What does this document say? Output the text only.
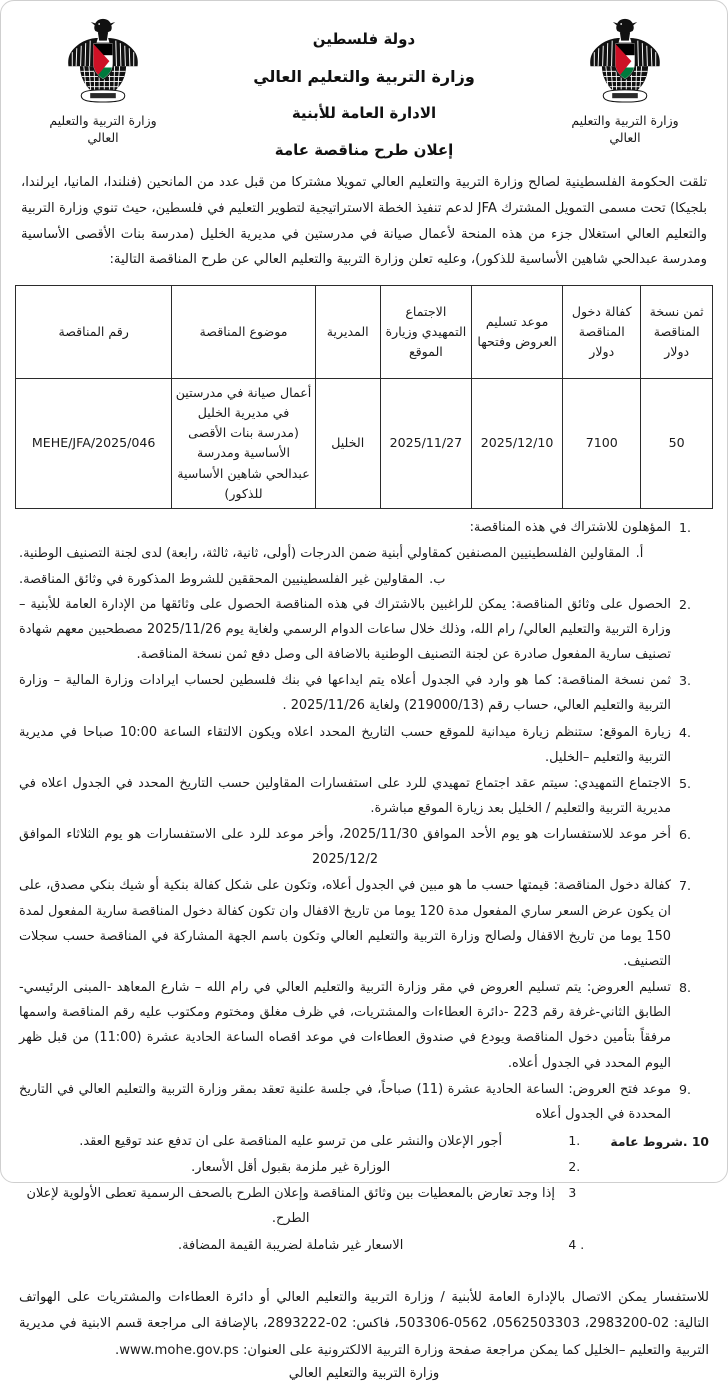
وزارة التربية والتعليم العالي
دولة فلسطين
وزارة التربية والتعليم العالي
الادارة العامة للأبنية
إعلان طرح مناقصة عامة
وزارة التربية والتعليم العالي
تلقت الحكومة الفلسطينية لصالح وزارة التربية والتعليم العالي تمويلا مشتركا من قبل عدد من المانحين (فنلندا، المانيا، ايرلندا، بلجيكا) تحت مسمى التمويل المشترك JFA لدعم تنفيذ الخطة الاستراتيجية لتطوير التعليم في فلسطين، حيث تنوي وزارة التربية والتعليم العالي استغلال جزء من هذه المنحة لأعمال صيانة في مدرستين في مديرية الخليل (مدرسة بنات الأقصى الأساسية ومدرسة عبدالحي شاهين الأساسية للذكور)، وعليه تعلن وزارة التربية والتعليم العالي عن طرح المناقصة التالية:
ثمن نسخة المناقصة دولار	كفالة دخول المناقصة دولار	موعد تسليم العروض وفتحها	الاجتماع التمهيدي وزيارة الموقع	المديرية	موضوع المناقصة	رقم المناقصة
50	7100	2025/12/10	2025/11/27	الخليل	أعمال صيانة في مدرستين في مديرية الخليل (مدرسة بنات الأقصى الأساسية ومدرسة عبدالحي شاهين الأساسية للذكور)	MEHE/JFA/2025/046
1.
المؤهلون للاشتراك في هذه المناقصة:
أ.
المقاولين الفلسطينيين المصنفين كمقاولي أبنية ضمن الدرجات (أولى، ثانية، ثالثة، رابعة) لدى لجنة التصنيف الوطنية.
ب.
المقاولين غير الفلسطينيين المحققين للشروط المذكورة في وثائق المناقصة.
2.
الحصول على وثائق المناقصة: يمكن للراغبين بالاشتراك في هذه المناقصة الحصول على وثائقها من الإدارة العامة للأبنية – وزارة التربية والتعليم العالي/ رام الله، وذلك خلال ساعات الدوام الرسمي ولغاية يوم 2025/11/26 مصطحبين معهم شهادة تصنيف سارية المفعول صادرة عن لجنة التصنيف الوطنية بالاضافة الى وصل دفع ثمن نسخة المناقصة.
3.
ثمن نسخة المناقصة: كما هو وارد في الجدول أعلاه يتم ايداعها في بنك فلسطين لحساب ايرادات وزارة المالية – وزارة التربية والتعليم العالي، حساب رقم (219000/13) ولغاية 2025/11/26 .
4.
زيارة الموقع: ستنظم زيارة ميدانية للموقع حسب التاريخ المحدد اعلاه ويكون الالتقاء الساعة 10:00 صباحا في مديرية التربية والتعليم –الخليل.
5.
الاجتماع التمهيدي: سيتم عقد اجتماع تمهيدي للرد على استفسارات المقاولين حسب التاريخ المحدد في الجدول اعلاه في مديرية التربية والتعليم / الخليل بعد زيارة الموقع مباشرة.
6.
أخر موعد للاستفسارات هو يوم الأحد الموافق 2025/11/30، وأخر موعد للرد على الاستفسارات هو يوم الثلاثاء الموافق 2025/12/2
7.
كفالة دخول المناقصة: قيمتها حسب ما هو مبين في الجدول أعلاه، وتكون على شكل كفالة بنكية أو شيك بنكي مصدق، على ان يكون عرض السعر ساري المفعول مدة 120 يوما من تاريخ الاقفال وان تكون كفالة دخول المناقصة سارية المفعول لمدة 150 يوما من تاريخ الاقفال ولصالح وزارة التربية والتعليم العالي وتكون باسم الجهة المشاركة في المناقصة حسب سجلات التصنيف.
8.
تسليم العروض: يتم تسليم العروض في مقر وزارة التربية والتعليم العالي في رام الله – شارع المعاهد -المبنى الرئيسي- الطابق الثاني-غرفة رقم 223 -دائرة العطاءات والمشتريات، في ظرف مغلق ومختوم ومكتوب عليه رقم المناقصة واسمها مرفقاً بتأمين دخول المناقصة ويودع في صندوق العطاءات في موعد اقصاه الساعة الحادية عشرة (11:00) من قبل ظهر اليوم المحدد في الجدول أعلاه.
9.
موعد فتح العروض: الساعة الحادية عشرة (11) صباحاً، في جلسة علنية تعقد بمقر وزارة التربية والتعليم العالي في التاريخ المحددة في الجدول أعلاه
10 .شروط عامة
1.
أجور الإعلان والنشر على من ترسو عليه المناقصة على ان تدفع عند توقيع العقد.
2.
الوزارة غير ملزمة بقبول أقل الأسعار.
3
إذا وجد تعارض بالمعطيات بين وثائق المناقصة وإعلان الطرح بالصحف الرسمية تعطى الأولوية لإعلان الطرح.
4 .
الاسعار غير شاملة لضريبة القيمة المضافة.
للاستفسار يمكن الاتصال بالإدارة العامة للأبنية / وزارة التربية والتعليم العالي أو دائرة العطاءات والمشتريات على الهواتف التالية: 02-2983200، 0562503303، 0562-503306، فاكس: 02-2893222، بالإضافة الى مراجعة قسم الابنية في مديرية التربية والتعليم –الخليل كما يمكن مراجعة صفحة وزارة التربية الالكترونية على العنوان: www.mohe.gov.ps.
وزارة التربية والتعليم العالي
